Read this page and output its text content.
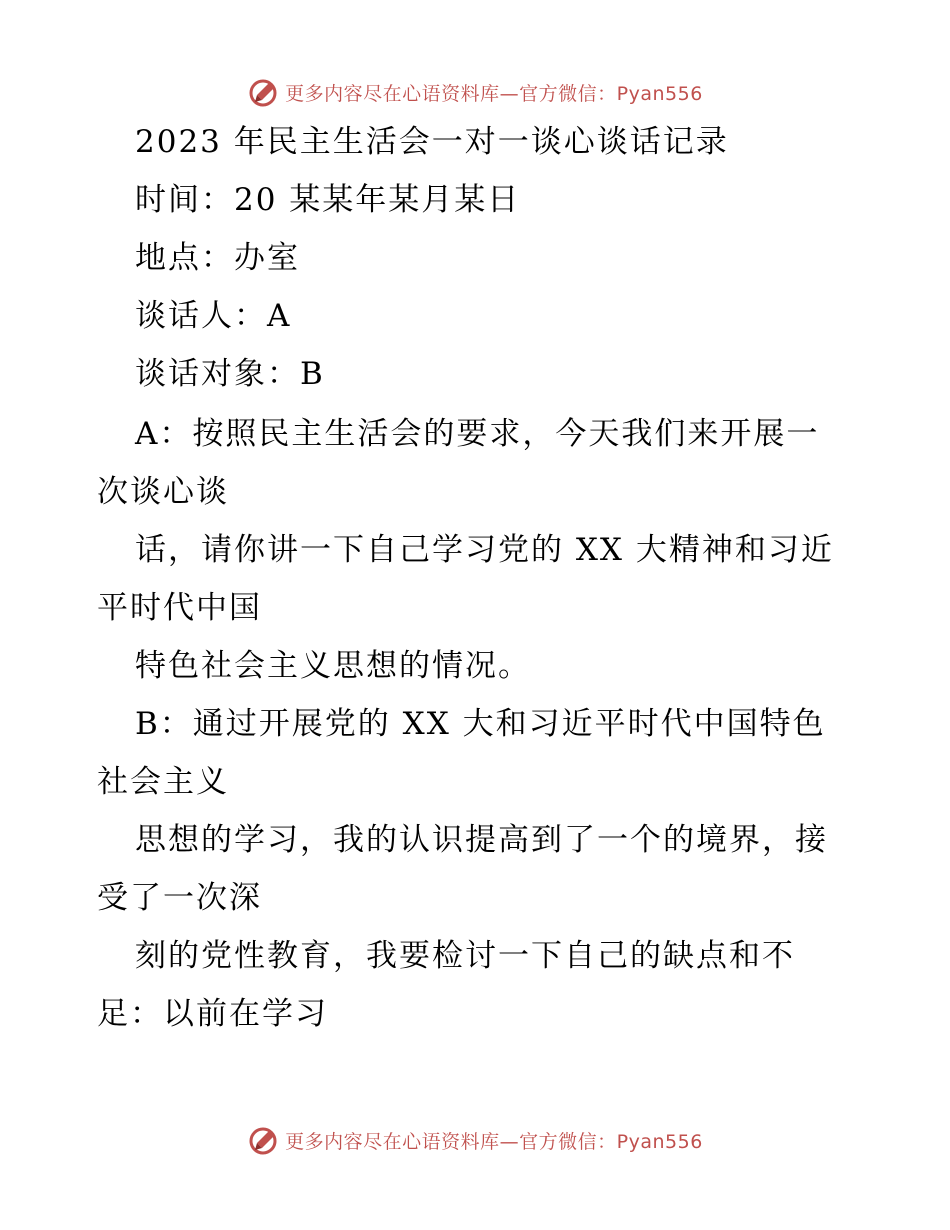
更多内容尽在心语资料库—官方微信：Pyan556
2023 年民主生活会一对一谈心谈话记录
时间：20 某某年某月某日
地点：办室
谈话人：A
谈话对象：B
A：按照民主生活会的要求，今天我们来开展一
次谈心谈
话，请你讲一下自己学习党的 XX 大精神和习近
平时代中国
特色社会主义思想的情况。
B：通过开展党的 XX 大和习近平时代中国特色
社会主义
思想的学习，我的认识提高到了一个的境界，接
受了一次深
刻的党性教育，我要检讨一下自己的缺点和不
足：以前在学习
更多内容尽在心语资料库—官方微信：Pyan556
